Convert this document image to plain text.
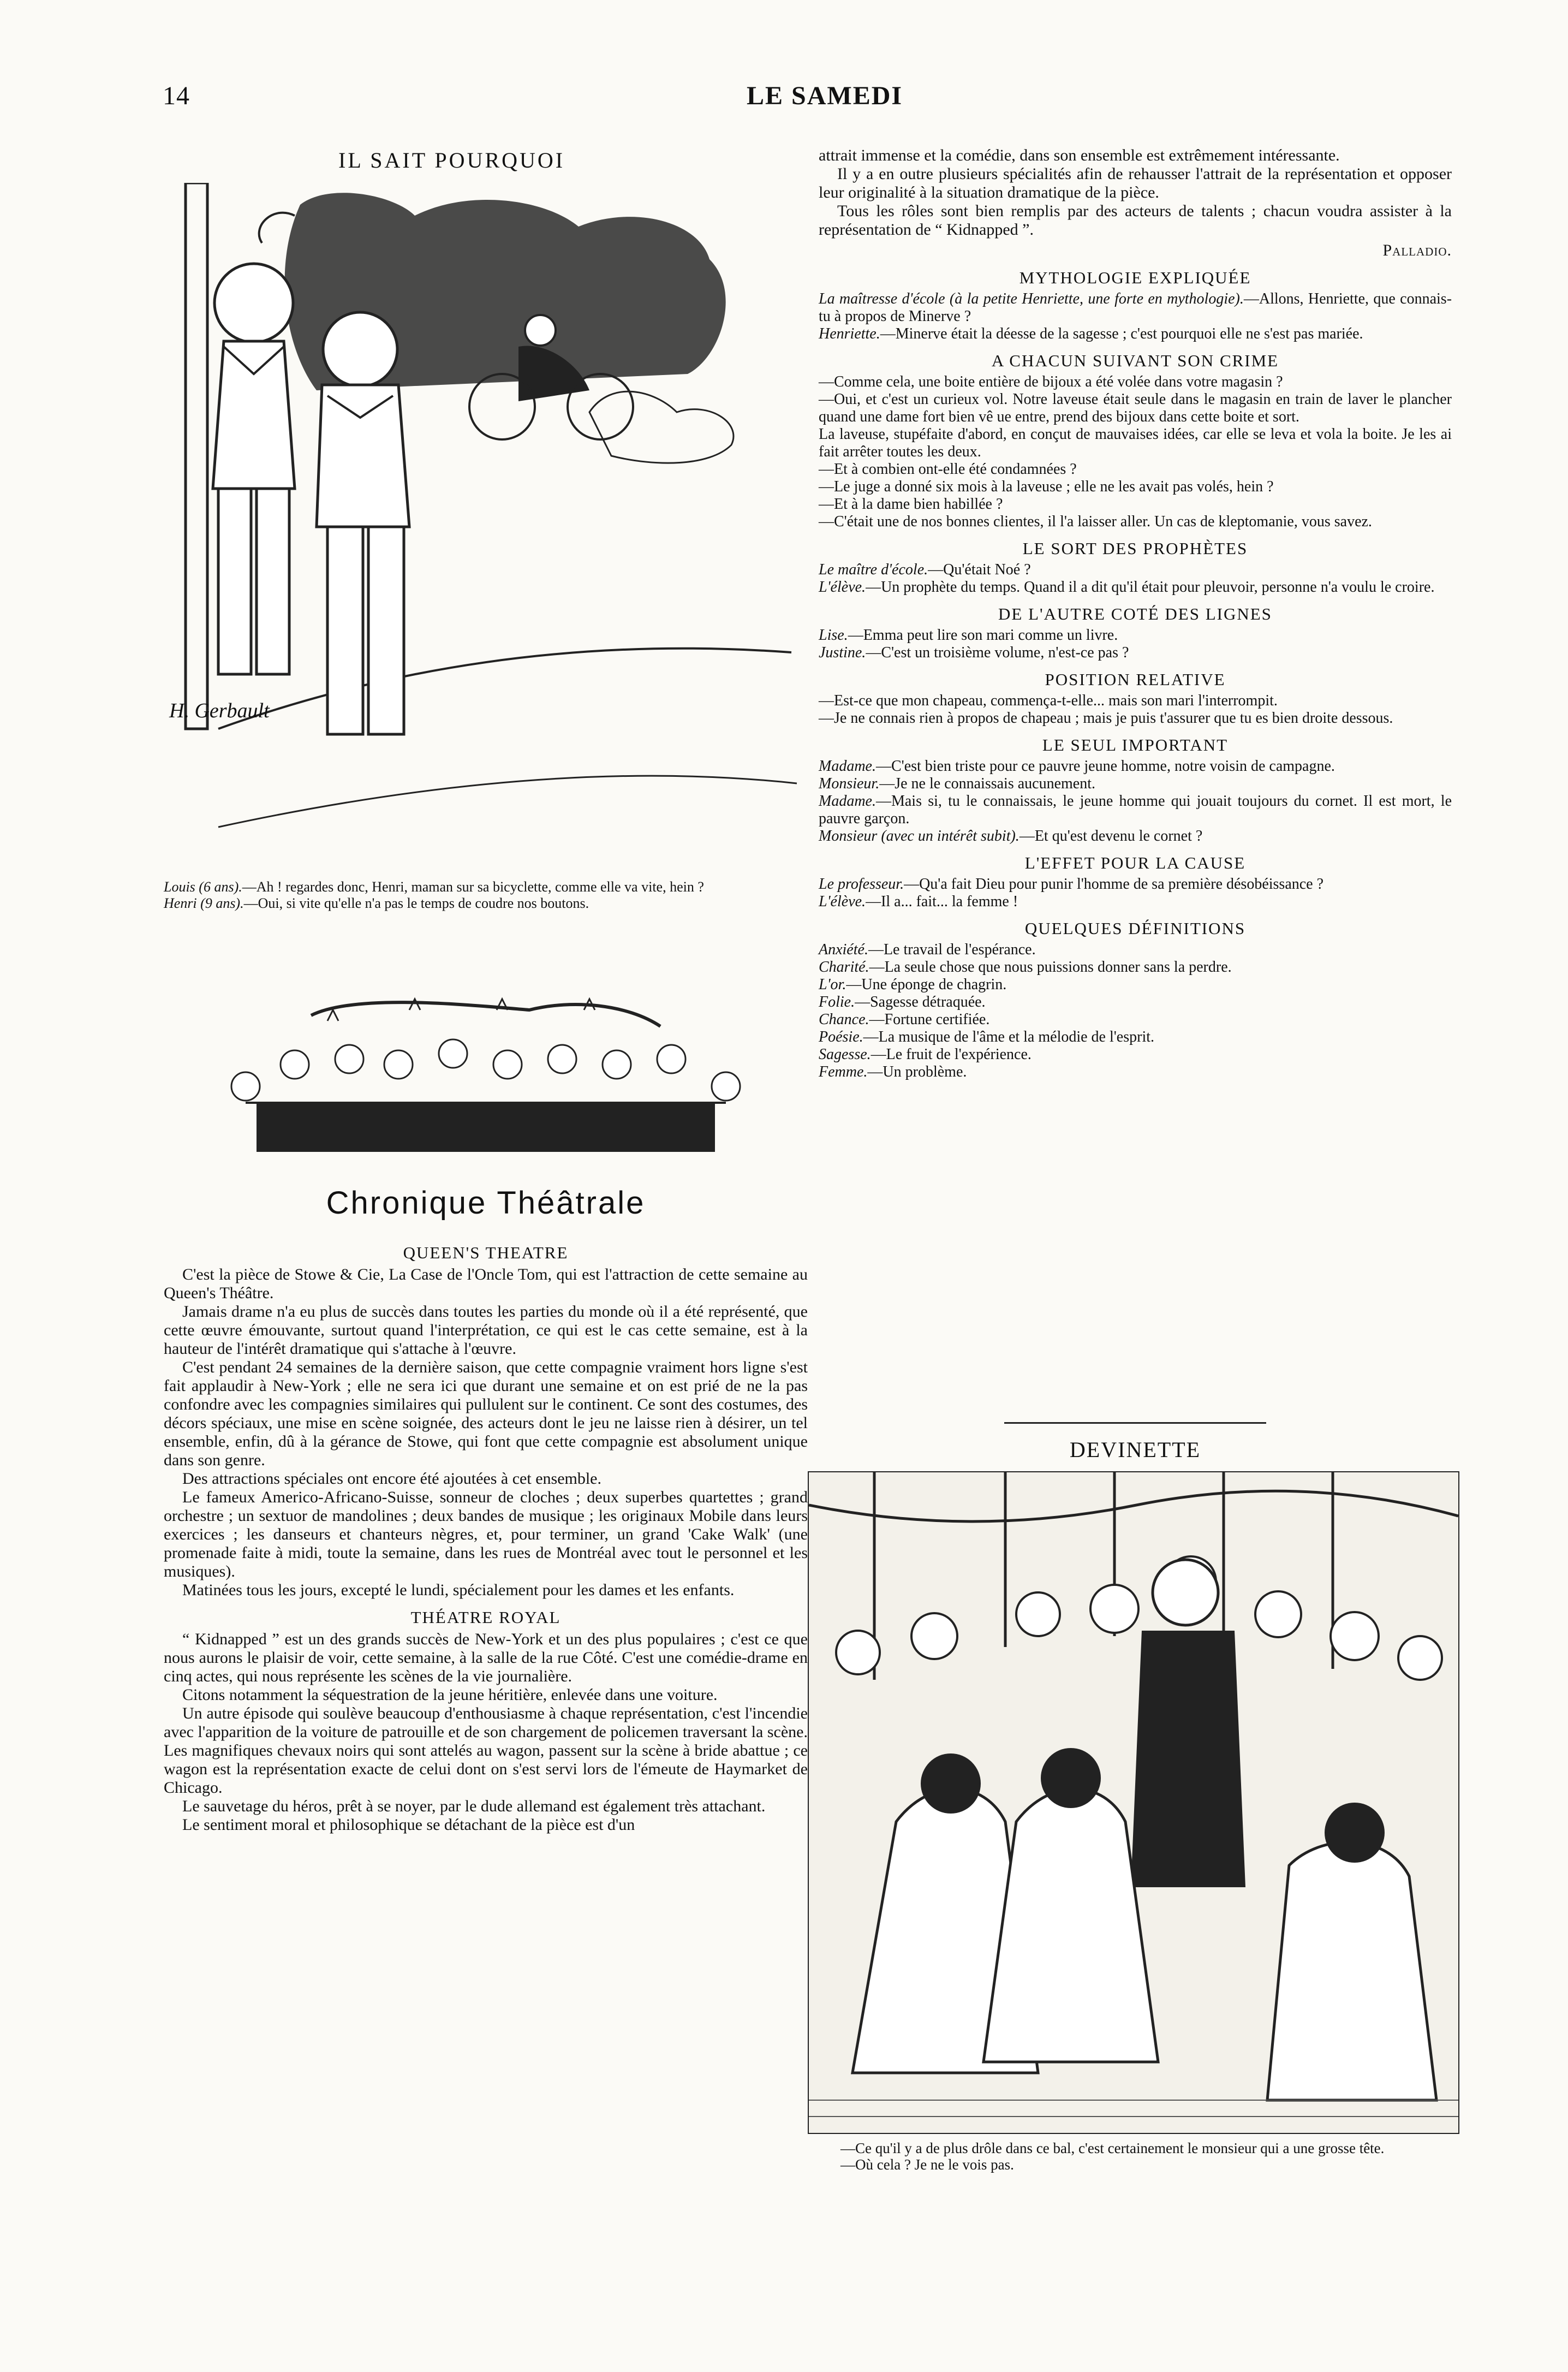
14	LE SAMEDI
IL SAIT POURQUOI
H. Gerbault

Louis (6 ans).—Ah ! regardes donc, Henri, maman sur sa bicyclette, comme elle va vite, hein ?

Henri (9 ans).—Oui, si vite qu'elle n'a pas le temps de coudre nos boutons.

Chronique Théâtrale
QUEEN'S THEATRE

C'est la pièce de Stowe & Cie, La Case de l'Oncle Tom, qui est l'attraction de cette semaine au Queen's Théâtre.

Jamais drame n'a eu plus de succès dans toutes les parties du monde où il a été représenté, que cette œuvre émouvante, surtout quand l'interprétation, ce qui est le cas cette semaine, est à la hauteur de l'intérêt dramatique qui s'attache à l'œuvre.

C'est pendant 24 semaines de la dernière saison, que cette compagnie vraiment hors ligne s'est fait applaudir à New-York ; elle ne sera ici que durant une semaine et on est prié de ne la pas confondre avec les compagnies similaires qui pullulent sur le continent. Ce sont des costumes, des décors spéciaux, une mise en scène soignée, des acteurs dont le jeu ne laisse rien à désirer, un tel ensemble, enfin, dû à la gérance de Stowe, qui font que cette compagnie est absolument unique dans son genre.

Des attractions spéciales ont encore été ajoutées à cet ensemble.

Le fameux Americo-Africano-Suisse, sonneur de cloches ; deux superbes quartettes ; grand orchestre ; un sextuor de mandolines ; deux bandes de musique ; les originaux Mobile dans leurs exercices ; les danseurs et chanteurs nègres, et, pour terminer, un grand 'Cake Walk' (une promenade faite à midi, toute la semaine, dans les rues de Montréal avec tout le personnel et les musiques).

Matinées tous les jours, excepté le lundi, spécialement pour les dames et les enfants.

THÉATRE ROYAL

“ Kidnapped ” est un des grands succès de New-York et un des plus populaires ; c'est ce que nous aurons le plaisir de voir, cette semaine, à la salle de la rue Côté. C'est une comédie-drame en cinq actes, qui nous représente les scènes de la vie journalière.

Citons notamment la séquestration de la jeune héritière, enlevée dans une voiture.

Un autre épisode qui soulève beaucoup d'enthousiasme à chaque représentation, c'est l'incendie avec l'apparition de la voiture de patrouille et de son chargement de policemen traversant la scène. Les magnifiques chevaux noirs qui sont attelés au wagon, passent sur la scène à bride abattue ; ce wagon est la représentation exacte de celui dont on s'est servi lors de l'émeute de Haymarket de Chicago.

Le sauvetage du héros, prêt à se noyer, par le dude allemand est également très attachant.

Le sentiment moral et philosophique se détachant de la pièce est d'un

attrait immense et la comédie, dans son ensemble est extrêmement intéressante.

Il y a en outre plusieurs spécialités afin de rehausser l'attrait de la représentation et opposer leur originalité à la situation dramatique de la pièce.

Tous les rôles sont bien remplis par des acteurs de talents ; chacun voudra assister à la représentation de “ Kidnapped ”.

Palladio.
MYTHOLOGIE EXPLIQUÉE

La maîtresse d'école (à la petite Henriette, une forte en mythologie).—Allons, Henriette, que connais-tu à propos de Minerve ?

Henriette.—Minerve était la déesse de la sagesse ; c'est pourquoi elle ne s'est pas mariée.

A CHACUN SUIVANT SON CRIME

—Comme cela, une boite entière de bijoux a été volée dans votre magasin ?

—Oui, et c'est un curieux vol. Notre laveuse était seule dans le magasin en train de laver le plancher quand une dame fort bien vê ue entre, prend des bijoux dans cette boite et sort.

La laveuse, stupéfaite d'abord, en conçut de mauvaises idées, car elle se leva et vola la boite. Je les ai fait arrêter toutes les deux.

—Et à combien ont-elle été condamnées ?

—Le juge a donné six mois à la laveuse ; elle ne les avait pas volés, hein ?

—Et à la dame bien habillée ?

—C'était une de nos bonnes clientes, il l'a laisser aller. Un cas de kleptomanie, vous savez.

LE SORT DES PROPHÈTES

Le maître d'école.—Qu'était Noé ?

L'élève.—Un prophète du temps. Quand il a dit qu'il était pour pleuvoir, personne n'a voulu le croire.

DE L'AUTRE COTÉ DES LIGNES

Lise.—Emma peut lire son mari comme un livre.

Justine.—C'est un troisième volume, n'est-ce pas ?

POSITION RELATIVE

—Est-ce que mon chapeau, commença-t-elle... mais son mari l'interrompit.

—Je ne connais rien à propos de chapeau ; mais je puis t'assurer que tu es bien droite dessous.

LE SEUL IMPORTANT

Madame.—C'est bien triste pour ce pauvre jeune homme, notre voisin de campagne.

Monsieur.—Je ne le connaissais aucunement.

Madame.—Mais si, tu le connaissais, le jeune homme qui jouait toujours du cornet. Il est mort, le pauvre garçon.

Monsieur (avec un intérêt subit).—Et qu'est devenu le cornet ?

L'EFFET POUR LA CAUSE

Le professeur.—Qu'a fait Dieu pour punir l'homme de sa première désobéissance ?

L'élève.—Il a... fait... la femme !

QUELQUES DÉFINITIONS

Anxiété.—Le travail de l'espérance.

Charité.—La seule chose que nous puissions donner sans la perdre.

L'or.—Une éponge de chagrin.

Folie.—Sagesse détraquée.

Chance.—Fortune certifiée.

Poésie.—La musique de l'âme et la mélodie de l'esprit.

Sagesse.—Le fruit de l'expérience.

Femme.—Un problème.

DEVINETTE

—Ce qu'il y a de plus drôle dans ce bal, c'est certainement le monsieur qui a une grosse tête.

—Où cela ? Je ne le vois pas.
